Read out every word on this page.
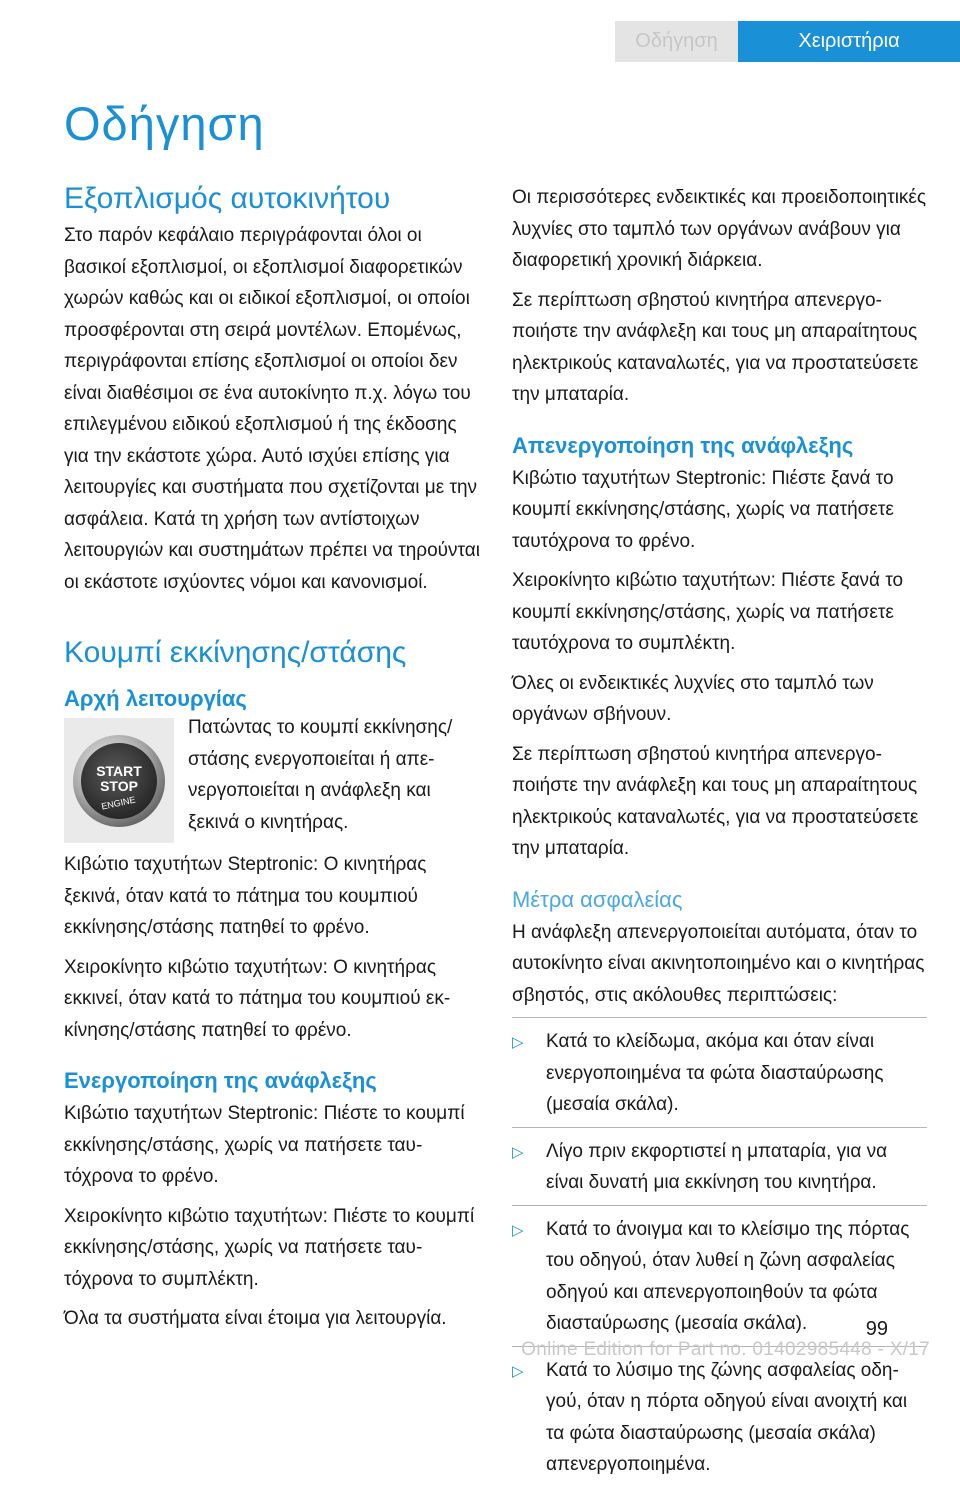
Οδήγηση	Χειριστήρια
Οδήγηση
Εξοπλισμός αυτοκινήτου

Στο παρόν κεφάλαιο περιγράφονται όλοι οι βασικοί εξοπλισμοί, οι εξοπλισμοί διαφορετικών χωρών καθώς και οι ειδικοί εξοπλισμοί, οι οποίοι προσφέρονται στη σειρά μοντέλων. Επομένως, περιγράφονται επίσης εξοπλισμοί οι οποίοι δεν είναι διαθέσιμοι σε ένα αυτοκίνητο π.χ. λόγω του επιλεγμένου ειδικού εξοπλισμού ή της έκδοσης για την εκάστοτε χώρα. Αυτό ισχύει επίσης για λειτουργίες και συστήματα που σχετίζονται με την ασφάλεια. Κατά τη χρήση των αντίστοιχων λειτουργιών και συστημάτων πρέπει να τηρούνται οι εκάστοτε ισχύοντες νόμοι και κανονισμοί.

Κουμπί εκκίνησης/στάσης
Αρχή λειτουργίας
START
STOP
ENGINE

Πατώντας το κουμπί εκκίνησης/στάσης ενεργοποιείται ή απενεργοποιείται η ανάφλεξη και ξεκινά ο κινητήρας.

Κιβώτιο ταχυτήτων Steptronic: Ο κινητήρας ξεκινά, όταν κατά το πάτημα του κουμπιού εκκίνησης/στάσης πατηθεί το φρένο.

Χειροκίνητο κιβώτιο ταχυτήτων: Ο κινητήρας εκκινεί, όταν κατά το πάτημα του κουμπιού εκκίνησης/στάσης πατηθεί το φρένο.

Ενεργοποίηση της ανάφλεξης

Κιβώτιο ταχυτήτων Steptronic: Πιέστε το κουμπί εκκίνησης/στάσης, χωρίς να πατήσετε ταυτόχρονα το φρένο.

Χειροκίνητο κιβώτιο ταχυτήτων: Πιέστε το κουμπί εκκίνησης/στάσης, χωρίς να πατήσετε ταυτόχρονα το συμπλέκτη.

Όλα τα συστήματα είναι έτοιμα για λειτουργία.

Οι περισσότερες ενδεικτικές και προειδοποιητικές λυχνίες στο ταμπλό των οργάνων ανάβουν για διαφορετική χρονική διάρκεια.

Σε περίπτωση σβηστού κινητήρα απενεργοποιήστε την ανάφλεξη και τους μη απαραίτητους ηλεκτρικούς καταναλωτές, για να προστατεύσετε την μπαταρία.

Απενεργοποίηση της ανάφλεξης

Κιβώτιο ταχυτήτων Steptronic: Πιέστε ξανά το κουμπί εκκίνησης/στάσης, χωρίς να πατήσετε ταυτόχρονα το φρένο.

Χειροκίνητο κιβώτιο ταχυτήτων: Πιέστε ξανά το κουμπί εκκίνησης/στάσης, χωρίς να πατήσετε ταυτόχρονα το συμπλέκτη.

Όλες οι ενδεικτικές λυχνίες στο ταμπλό των οργάνων σβήνουν.

Σε περίπτωση σβηστού κινητήρα απενεργοποιήστε την ανάφλεξη και τους μη απαραίτητους ηλεκτρικούς καταναλωτές, για να προστατεύσετε την μπαταρία.

Μέτρα ασφαλείας

Η ανάφλεξη απενεργοποιείται αυτόματα, όταν το αυτοκίνητο είναι ακινητοποιημένο και ο κινητήρας σβηστός, στις ακόλουθες περιπτώσεις:

▷	Κατά το κλείδωμα, ακόμα και όταν είναι ενεργοποιημένα τα φώτα διασταύρωσης (μεσαία σκάλα).
▷	Λίγο πριν εκφορτιστεί η μπαταρία, για να είναι δυνατή μια εκκίνηση του κινητήρα.
▷	Κατά το άνοιγμα και το κλείσιμο της πόρτας του οδηγού, όταν λυθεί η ζώνη ασφαλείας οδηγού και απενεργοποιηθούν τα φώτα διασταύρωσης (μεσαία σκάλα).
▷	Κατά το λύσιμο της ζώνης ασφαλείας οδηγού, όταν η πόρτα οδηγού είναι ανοιχτή και τα φώτα διασταύρωσης (μεσαία σκάλα) απενεργοποιημένα.
99
Online Edition for Part no. 01402985448 - X/17
